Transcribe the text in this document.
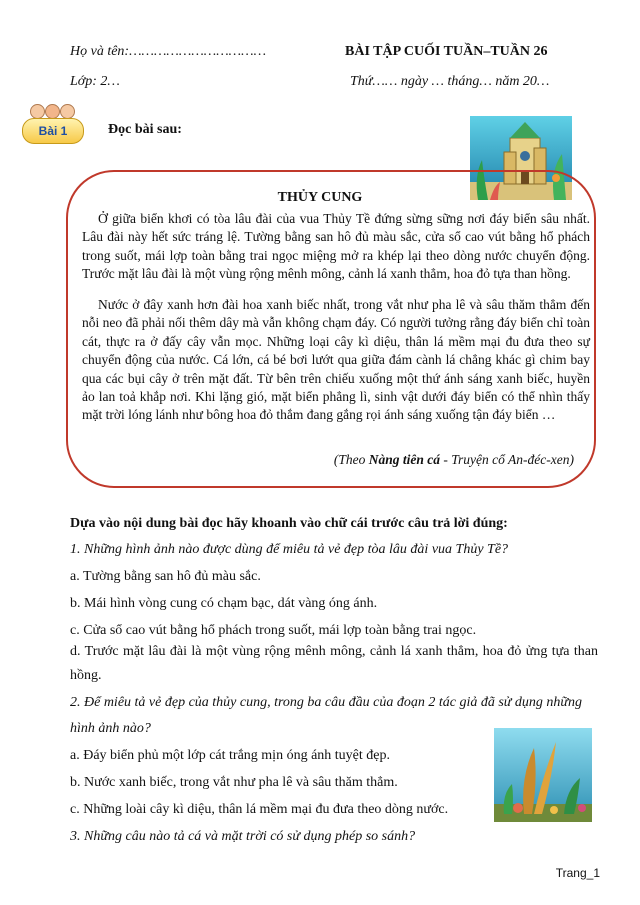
Họ và tên:……………………………	BÀI TẬP CUỐI TUẦN–TUẦN 26
Lớp: 2…	Thứ…… ngày … tháng… năm 20…
Bài 1	Đọc bài sau:
THỦY CUNG

Ở giữa biển khơi có tòa lâu đài của vua Thủy Tề đứng sừng sững nơi đáy biển sâu nhất. Lâu đài này hết sức tráng lệ. Tường bằng san hô đủ màu sắc, cửa sổ cao vút bằng hổ phách trong suốt, mái lợp toàn bằng trai ngọc miệng mở ra khép lại theo dòng nước chuyển động. Trước mặt lâu đài là một vùng rộng mênh mông, cảnh lá xanh thẳm, hoa đỏ tựa than hồng.

Nước ở đây xanh hơn đài hoa xanh biếc nhất, trong vắt như pha lê và sâu thăm thẳm đến nỗi neo đã phải nối thêm dây mà vẫn không chạm đáy. Có người tưởng rằng đáy biển chỉ toàn cát, thực ra ở đấy cây vẫn mọc. Những loại cây kì diệu, thân lá mềm mại đu đưa theo sự chuyển động của nước. Cá lớn, cá bé bơi lướt qua giữa đám cành lá chẳng khác gì chim bay qua các bụi cây ở trên mặt đất. Từ bên trên chiếu xuống một thứ ánh sáng xanh biếc, huyền ảo lan toả khắp nơi. Khi lặng gió, mặt biển phẳng lì, sinh vật dưới đáy biển có thể nhìn thấy mặt trời lóng lánh như bông hoa đỏ thắm đang gắng rọi ánh sáng xuống tận đáy biển …

(Theo Nàng tiên cá - Truyện cổ An-đéc-xen)
Dựa vào nội dung bài đọc hãy khoanh vào chữ cái trước câu trả lời đúng:
1. Những hình ảnh nào được dùng để miêu tả vẻ đẹp tòa lâu đài vua Thủy Tề?
a. Tường bằng san hô đủ màu sắc.
b. Mái hình vòng cung có chạm bạc, dát vàng óng ánh.
c. Cửa sổ cao vút bằng hổ phách trong suốt, mái lợp toàn bằng trai ngọc.
d. Trước mặt lâu đài là một vùng rộng mênh mông, cảnh lá xanh thẳm, hoa đỏ ửng tựa than hồng.
2. Để miêu tả vẻ đẹp của thủy cung, trong ba câu đầu của đoạn 2 tác giả đã sử dụng những hình ảnh nào?
a. Đáy biển phủ một lớp cát trắng mịn óng ánh tuyệt đẹp.
b. Nước xanh biếc, trong vắt như pha lê và sâu thăm thẳm.
c. Những loài cây kì diệu, thân lá mềm mại đu đưa theo dòng nước.
3. Những câu nào tả cá và mặt trời có sử dụng phép so sánh?
Trang_1
